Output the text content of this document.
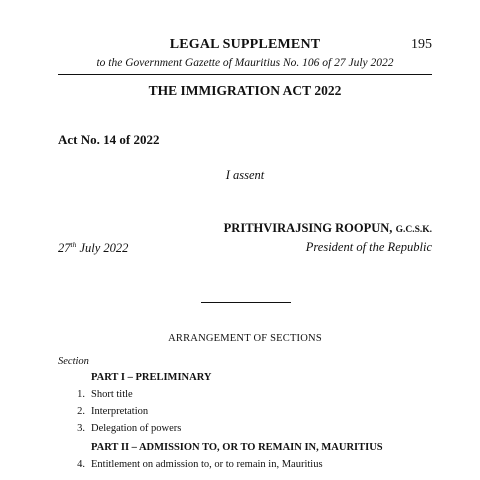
LEGAL SUPPLEMENT	195
to the Government Gazette of Mauritius No. 106 of 27 July 2022
THE IMMIGRATION ACT 2022
Act No. 14 of 2022
I assent
PRITHVIRAJSING ROOPUN, G.C.S.K.
27th July 2022	President of the Republic
ARRANGEMENT OF SECTIONS
Section
PART I – PRELIMINARY
1. Short title
2. Interpretation
3. Delegation of powers
PART II – ADMISSION TO, OR TO REMAIN IN, MAURITIUS
4. Entitlement on admission to, or to remain in, Mauritius
